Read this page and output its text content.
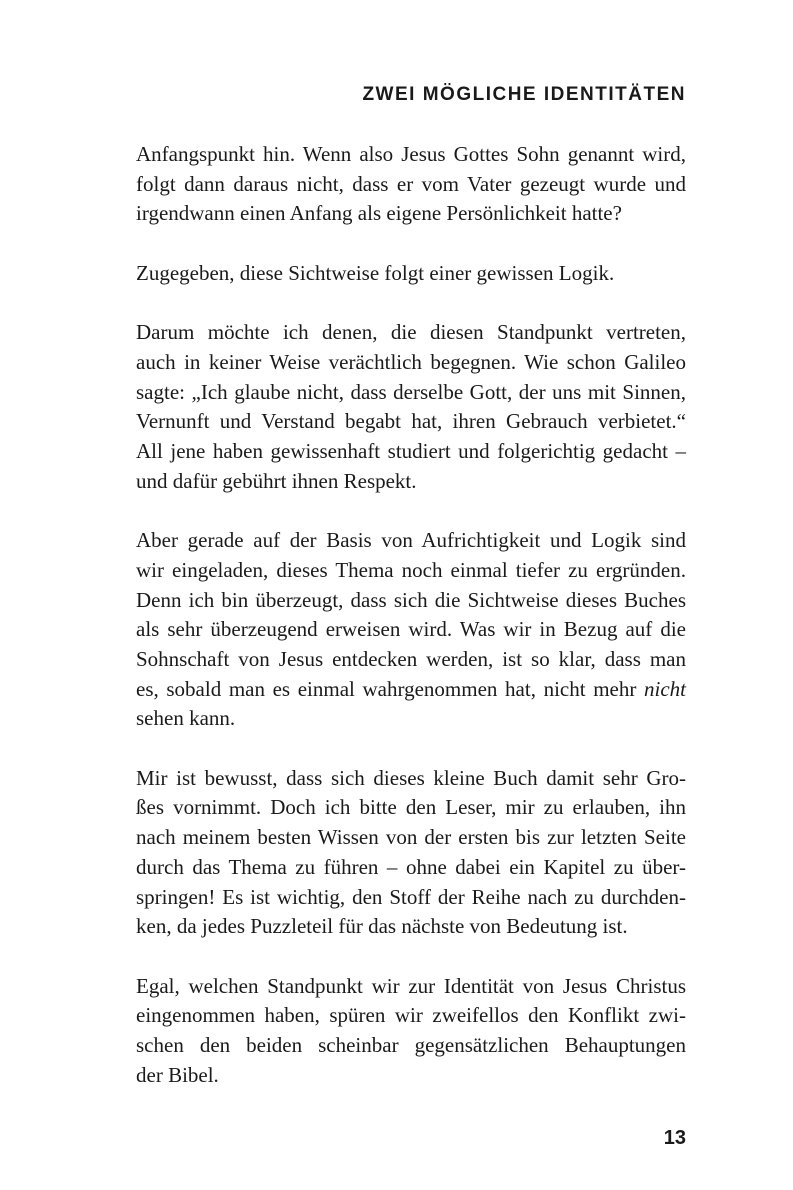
ZWEI MÖGLICHE IDENTITÄTEN

Anfangspunkt hin. Wenn also Jesus Gottes Sohn genannt wird,
folgt dann daraus nicht, dass er vom Vater gezeugt wurde und
irgendwann einen Anfang als eigene Persönlichkeit hatte?

Zugegeben, diese Sichtweise folgt einer gewissen Logik.

Darum möchte ich denen, die diesen Standpunkt vertreten,
auch in keiner Weise verächtlich begegnen. Wie schon Galileo
sagte: „Ich glaube nicht, dass derselbe Gott, der uns mit Sinnen,
Vernunft und Verstand begabt hat, ihren Gebrauch verbietet.“
All jene haben gewissenhaft studiert und folgerichtig gedacht –
und dafür gebührt ihnen Respekt.

Aber gerade auf der Basis von Aufrichtigkeit und Logik sind
wir eingeladen, dieses Thema noch einmal tiefer zu ergründen.
Denn ich bin überzeugt, dass sich die Sichtweise dieses Buches
als sehr überzeugend erweisen wird. Was wir in Bezug auf die
Sohnschaft von Jesus entdecken werden, ist so klar, dass man
es, sobald man es einmal wahrgenommen hat, nicht mehr nicht
sehen kann.

Mir ist bewusst, dass sich dieses kleine Buch damit sehr Gro-
ßes vornimmt. Doch ich bitte den Leser, mir zu erlauben, ihn
nach meinem besten Wissen von der ersten bis zur letzten Seite
durch das Thema zu führen – ohne dabei ein Kapitel zu über-
springen! Es ist wichtig, den Stoff der Reihe nach zu durchden-
ken, da jedes Puzzleteil für das nächste von Bedeutung ist.

Egal, welchen Standpunkt wir zur Identität von Jesus Christus
eingenommen haben, spüren wir zweifellos den Konflikt zwi-
schen den beiden scheinbar gegensätzlichen Behauptungen
der Bibel.

13
